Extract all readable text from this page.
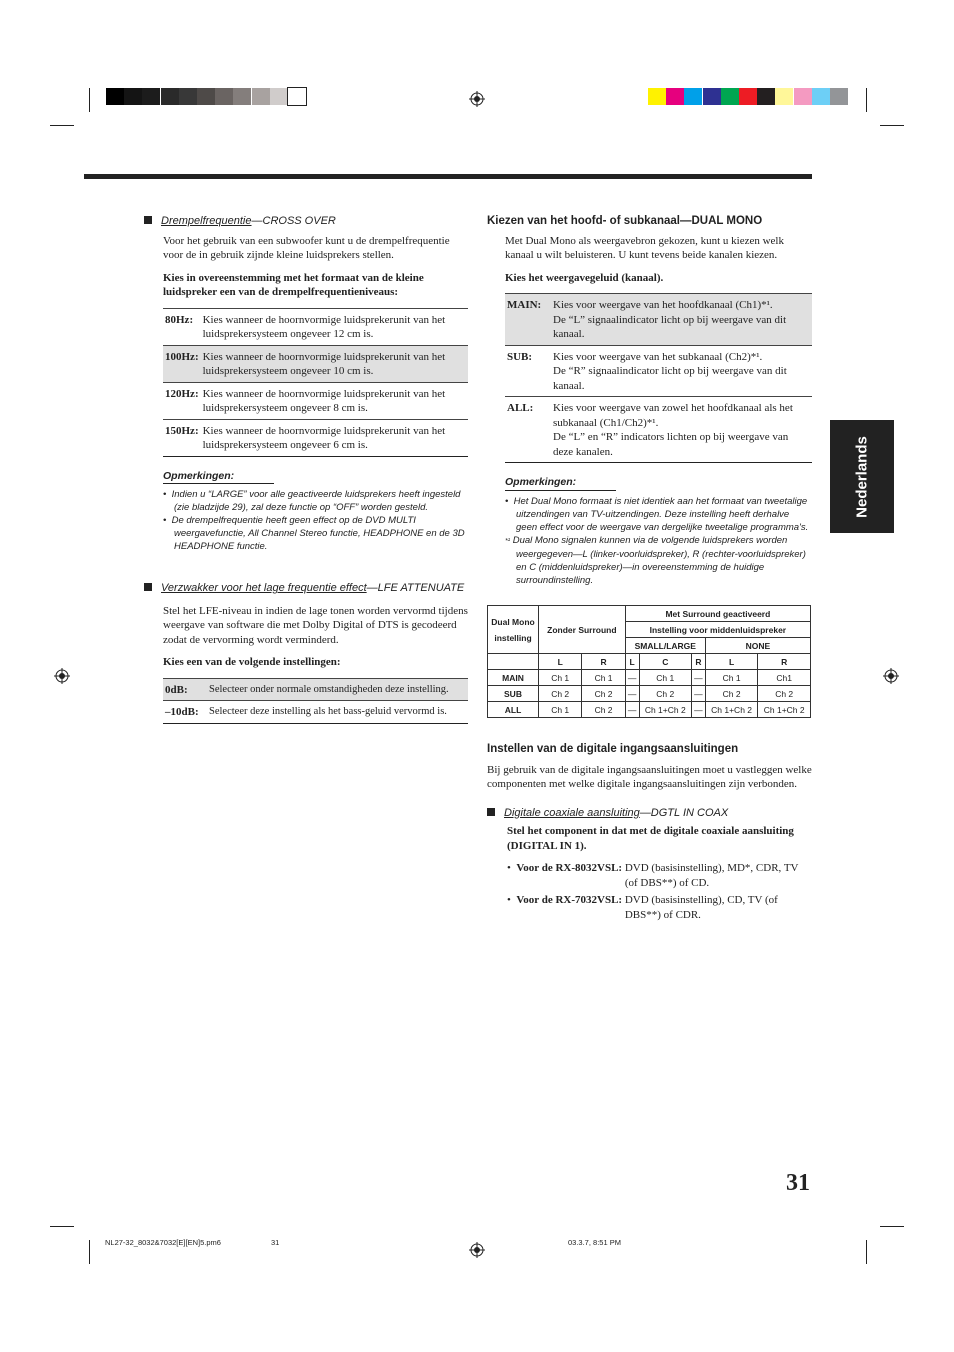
Nederlands
Drempelfrequentie—CROSS OVER
Voor het gebruik van een subwoofer kunt u de drempelfrequentie voor de in gebruik zijnde kleine luidsprekers stellen.
Kies in overeenstemming met het formaat van de kleine luidspreker een van de drempelfrequentieniveaus:
80Hz:	Kies wanneer de hoornvormige luidsprekerunit van het luidsprekersysteem ongeveer 12 cm is.
100Hz:	Kies wanneer de hoornvormige luidsprekerunit van het luidsprekersysteem ongeveer 10 cm is.
120Hz:	Kies wanneer de hoornvormige luidsprekerunit van het luidsprekersysteem ongeveer 8 cm is.
150Hz:	Kies wanneer de hoornvormige luidsprekerunit van het luidsprekersysteem ongeveer 6 cm is.
Opmerkingen:
•  Indien u “LARGE” voor alle geactiveerde luidsprekers heeft ingesteld (zie bladzijde 29), zal deze functie op “OFF” worden gesteld.
•  De drempelfrequentie heeft geen effect op de DVD MULTI weergavefunctie, All Channel Stereo functie, HEADPHONE en de 3D HEADPHONE functie.
Verzwakker voor het lage frequentie effect—LFE ATTENUATE
Stel het LFE-niveau in indien de lage tonen worden vervormd tijdens weergave van software die met Dolby Digital of DTS is gecodeerd zodat de vervorming wordt verminderd.
Kies een van de volgende instellingen:
0dB:	Selecteer onder normale omstandigheden deze instelling.
–10dB:	Selecteer deze instelling als het bass-geluid vervormd is.
Kiezen van het hoofd- of subkanaal—DUAL MONO
Met Dual Mono als weergavebron gekozen, kunt u kiezen welk kanaal u wilt beluisteren. U kunt tevens beide kanalen kiezen.
Kies het weergavegeluid (kanaal).
MAIN:	Kies voor weergave van het hoofdkanaal (Ch1)*¹.
De “L” signaalindicator licht op bij weergave van dit kanaal.

SUB:	Kies voor weergave van het subkanaal (Ch2)*¹.
De “R” signaalindicator licht op bij weergave van dit kanaal.

ALL:	Kies voor weergave van zowel het hoofdkanaal als het subkanaal (Ch1/Ch2)*¹.
De “L” en “R” indicators lichten op bij weergave van deze kanalen.
Opmerkingen:
•  Het Dual Mono formaat is niet identiek aan het formaat van tweetalige uitzendingen van TV-uitzendingen. Deze instelling heeft derhalve geen effect voor de weergave van dergelijke tweetalige programma's.
*¹ Dual Mono signalen kunnen via de volgende luidsprekers worden weergegeven—L (linker-voorluidspreker), R (rechter-voorluidspreker) en C (middenluidspreker)—in overeenstemming de huidige surroundinstelling.
Dual Mono
instelling	Zonder Surround		Met Surround geactiveerd				
			Instelling voor middenluidspreker				
			SMALL/LARGE			NONE	
	L	R	L	C	R	L	R
MAIN	Ch 1	Ch 1	—	Ch 1	—	Ch 1	Ch1
SUB	Ch 2	Ch 2	—	Ch 2	—	Ch 2	Ch 2
ALL	Ch 1	Ch 2	—	Ch 1+Ch 2	—	Ch 1+Ch 2	Ch 1+Ch 2
Instellen van de digitale ingangsaansluitingen
Bij gebruik van de digitale ingangsaansluitingen moet u vastleggen welke componenten met welke digitale ingangsaansluitingen zijn verbonden.
Digitale coaxiale aansluiting—DGTL IN COAX
Stel het component in dat met de digitale coaxiale aansluiting (DIGITAL IN 1).
•  Voor de RX-8032VSL: DVD (basisinstelling), MD*, CDR, TV (of DBS**) of CD.
•  Voor de RX-7032VSL: DVD (basisinstelling), CD, TV (of DBS**) of CDR.
31
NL27-32_8032&7032[E][EN]5.pm6	31	03.3.7, 8:51 PM
